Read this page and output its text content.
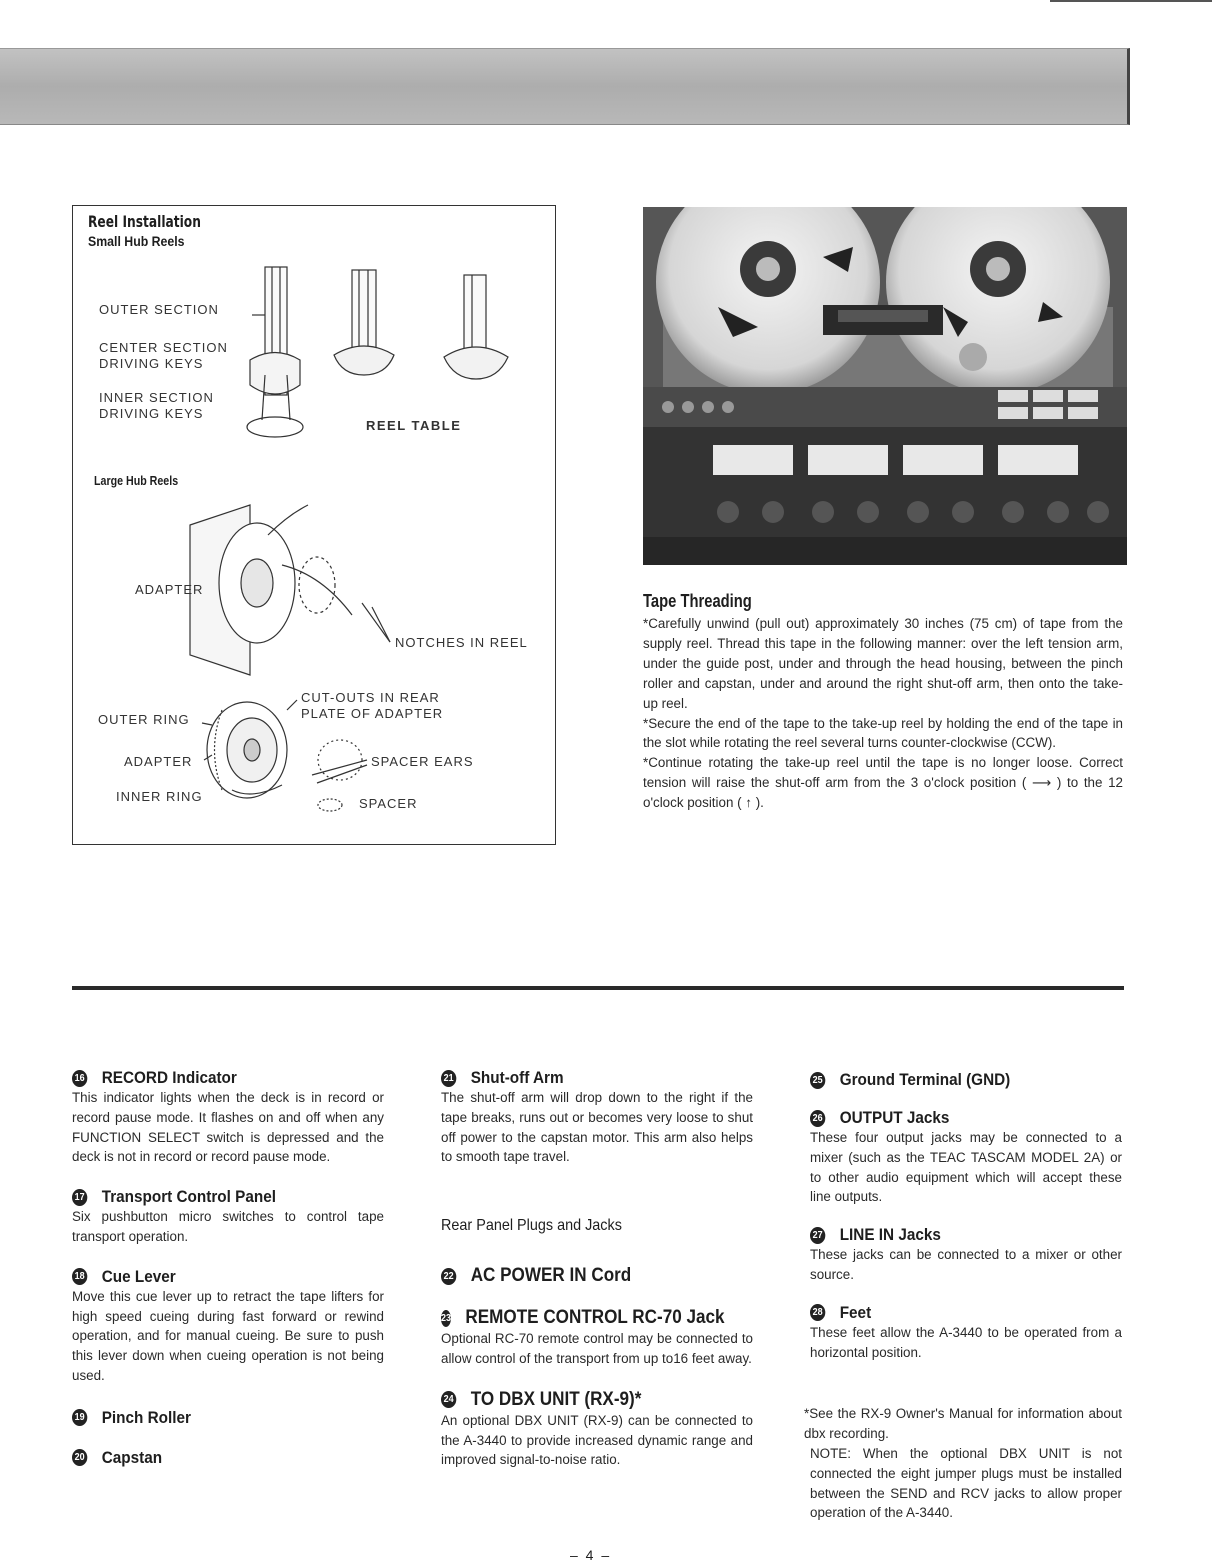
Reel Installation
Small Hub Reels
OUTER SECTION
CENTER SECTION
DRIVING KEYS
INNER SECTION
DRIVING KEYS
REEL TABLE
Large Hub Reels
ADAPTER
NOTCHES IN REEL
CUT-OUTS IN REAR
PLATE OF ADAPTER
OUTER RING
ADAPTER	SPACER EARS
INNER RING	SPACER
Tape Threading

*Carefully unwind (pull out) approximately 30 inches (75 cm) of tape from the supply reel. Thread this tape in the following manner: over the left tension arm, under the guide post, under and through the head housing, between the pinch roller and capstan, under and around the right shut-off arm, then onto the take-up reel.

*Secure the end of the tape to the take-up reel by holding the end of the tape in the slot while rotating the reel several turns counter-clockwise (CCW).

*Continue rotating the take-up reel until the tape is no longer loose. Correct tension will raise the shut-off arm from the 3 o'clock position ( ⟶ ) to the 12 o'clock position ( ↑ ).

16 RECORD Indicator

This indicator lights when the deck is in record or record pause mode. It flashes on and off when any FUNCTION SELECT switch is depressed and the deck is not in record or record pause mode.

17 Transport Control Panel

Six pushbutton micro switches to control tape transport operation.

18 Cue Lever

Move this cue lever up to retract the tape lifters for high speed cueing during fast forward or rewind operation, and for manual cueing. Be sure to push this lever down when cueing operation is not being used.

19 Pinch Roller
20 Capstan
21 Shut-off Arm

The shut-off arm will drop down to the right if the tape breaks, runs out or becomes very loose to shut off power to the capstan motor. This arm also helps to smooth tape travel.

Rear Panel Plugs and Jacks
22 AC POWER IN Cord
23 REMOTE CONTROL RC-70 Jack

Optional RC-70 remote control may be connected to allow control of the transport from up to16 feet away.

24 TO DBX UNIT (RX-9)*

An optional DBX UNIT (RX-9) can be connected to the A-3440 to provide increased dynamic range and improved signal-to-noise ratio.

25 Ground Terminal (GND)
26 OUTPUT Jacks

These four output jacks may be connected to a mixer (such as the TEAC TASCAM MODEL 2A) or to other audio equipment which will accept these line outputs.

27 LINE IN Jacks

These jacks can be connected to a mixer or other source.

28 Feet

These feet allow the A-3440 to be operated from a horizontal position.

*See the RX-9 Owner's Manual for information about dbx recording.

NOTE: When the optional DBX UNIT is not connected the eight jumper plugs must be installed between the SEND and RCV jacks to allow proper operation of the A-3440.

– 4 –
